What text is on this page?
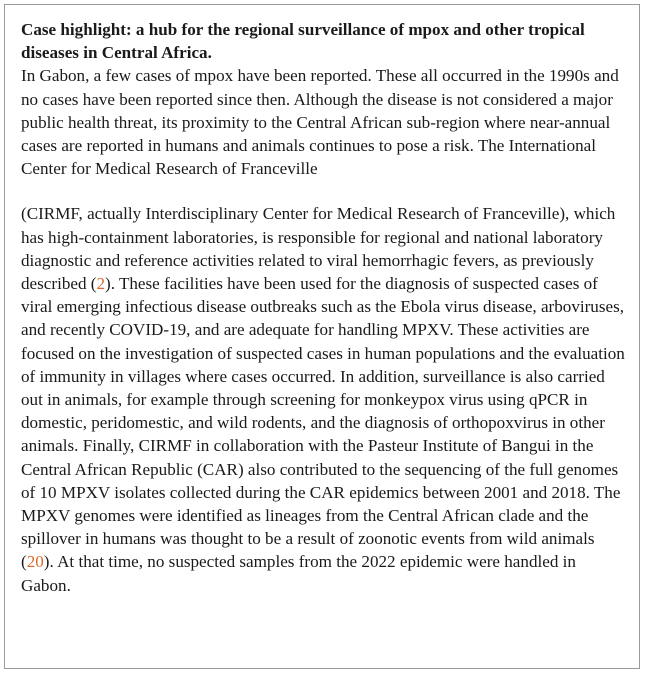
Case highlight: a hub for the regional surveillance of mpox and other tropical diseases in Central Africa.

In Gabon, a few cases of mpox have been reported. These all occurred in the 1990s and no cases have been reported since then. Although the disease is not considered a major public health threat, its proximity to the Central African sub-region where near-annual cases are reported in humans and animals continues to pose a risk. The International Center for Medical Research of Franceville

(CIRMF, actually Interdisciplinary Center for Medical Research of Franceville), which has high-containment laboratories, is responsible for regional and national laboratory diagnostic and reference activities related to viral hemorrhagic fevers, as previously described (2). These facilities have been used for the diagnosis of suspected cases of viral emerging infectious disease outbreaks such as the Ebola virus disease, arboviruses, and recently COVID-19, and are adequate for handling MPXV. These activities are focused on the investigation of suspected cases in human populations and the evaluation of immunity in villages where cases occurred. In addition, surveillance is also carried out in animals, for example through screening for monkeypox virus using qPCR in domestic, peridomestic, and wild rodents, and the diagnosis of orthopoxvirus in other animals. Finally, CIRMF in collaboration with the Pasteur Institute of Bangui in the Central African Republic (CAR) also contributed to the sequencing of the full genomes of 10 MPXV isolates collected during the CAR epidemics between 2001 and 2018. The MPXV genomes were identified as lineages from the Central African clade and the spillover in humans was thought to be a result of zoonotic events from wild animals (20). At that time, no suspected samples from the 2022 epidemic were handled in Gabon.
